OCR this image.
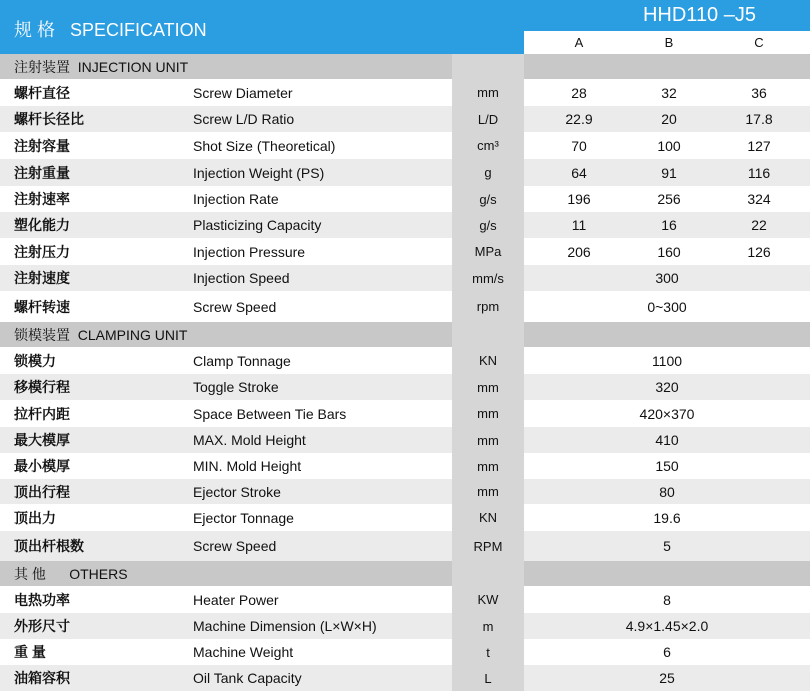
规 格   SPECIFICATION
HHD110 –J5
A	B	C
注射装置  INJECTION UNIT
螺杆直径	Screw Diameter	mm	28	32	36
螺杆长径比	Screw L/D Ratio	L/D	22.9	20	17.8
注射容量	Shot Size (Theoretical)	cm³	70	100	127
注射重量	Injection Weight (PS)	g	64	91	116
注射速率	Injection Rate	g/s	196	256	324
塑化能力	Plasticizing Capacity	g/s	11	16	22
注射压力	Injection Pressure	MPa	206	160	126
注射速度	Injection Speed	mm/s	300
螺杆转速	Screw Speed	rpm	0~300
锁模装置  CLAMPING UNIT
锁模力	Clamp Tonnage	KN	1100
移模行程	Toggle Stroke	mm	320
拉杆内距	Space Between Tie Bars	mm	420×370
最大模厚	MAX. Mold Height	mm	410
最小模厚	MIN. Mold Height	mm	150
顶出行程	Ejector Stroke	mm	80
顶出力	Ejector Tonnage	KN	19.6
顶出杆根数	Screw Speed	RPM	5
其 他      OTHERS
电热功率	Heater Power	KW	8
外形尺寸	Machine Dimension (L×W×H)	m	4.9×1.45×2.0
重 量	Machine Weight	t	6
油箱容积	Oil Tank Capacity	L	25
